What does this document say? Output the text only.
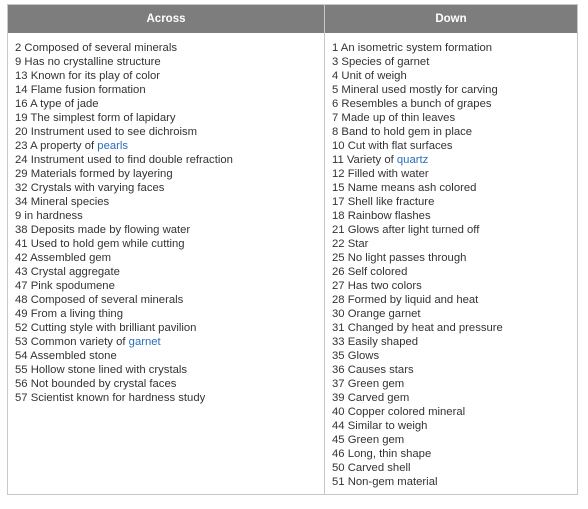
Across	Down
2 Composed of several minerals
9 Has no crystalline structure
13 Known for its play of color
14 Flame fusion formation
16 A type of jade
19 The simplest form of lapidary
20 Instrument used to see dichroism
23 A property of pearls
24 Instrument used to find double refraction
29 Materials formed by layering
32 Crystals with varying faces
34 Mineral species
9 in hardness
38 Deposits made by flowing water
41 Used to hold gem while cutting
42 Assembled gem
43 Crystal aggregate
47 Pink spodumene
48 Composed of several minerals
49 From a living thing
52 Cutting style with brilliant pavilion
53 Common variety of garnet
54 Assembled stone
55 Hollow stone lined with crystals
56 Not bounded by crystal faces
57 Scientist known for hardness study
1 An isometric system formation
3 Species of garnet
4 Unit of weigh
5 Mineral used mostly for carving
6 Resembles a bunch of grapes
7 Made up of thin leaves
8 Band to hold gem in place
10 Cut with flat surfaces
11 Variety of quartz
12 Filled with water
15 Name means ash colored
17 Shell like fracture
18 Rainbow flashes
21 Glows after light turned off
22 Star
25 No light passes through
26 Self colored
27 Has two colors
28 Formed by liquid and heat
30 Orange garnet
31 Changed by heat and pressure
33 Easily shaped
35 Glows
36 Causes stars
37 Green gem
39 Carved gem
40 Copper colored mineral
44 Similar to weigh
45 Green gem
46 Long, thin shape
50 Carved shell
51 Non-gem material
